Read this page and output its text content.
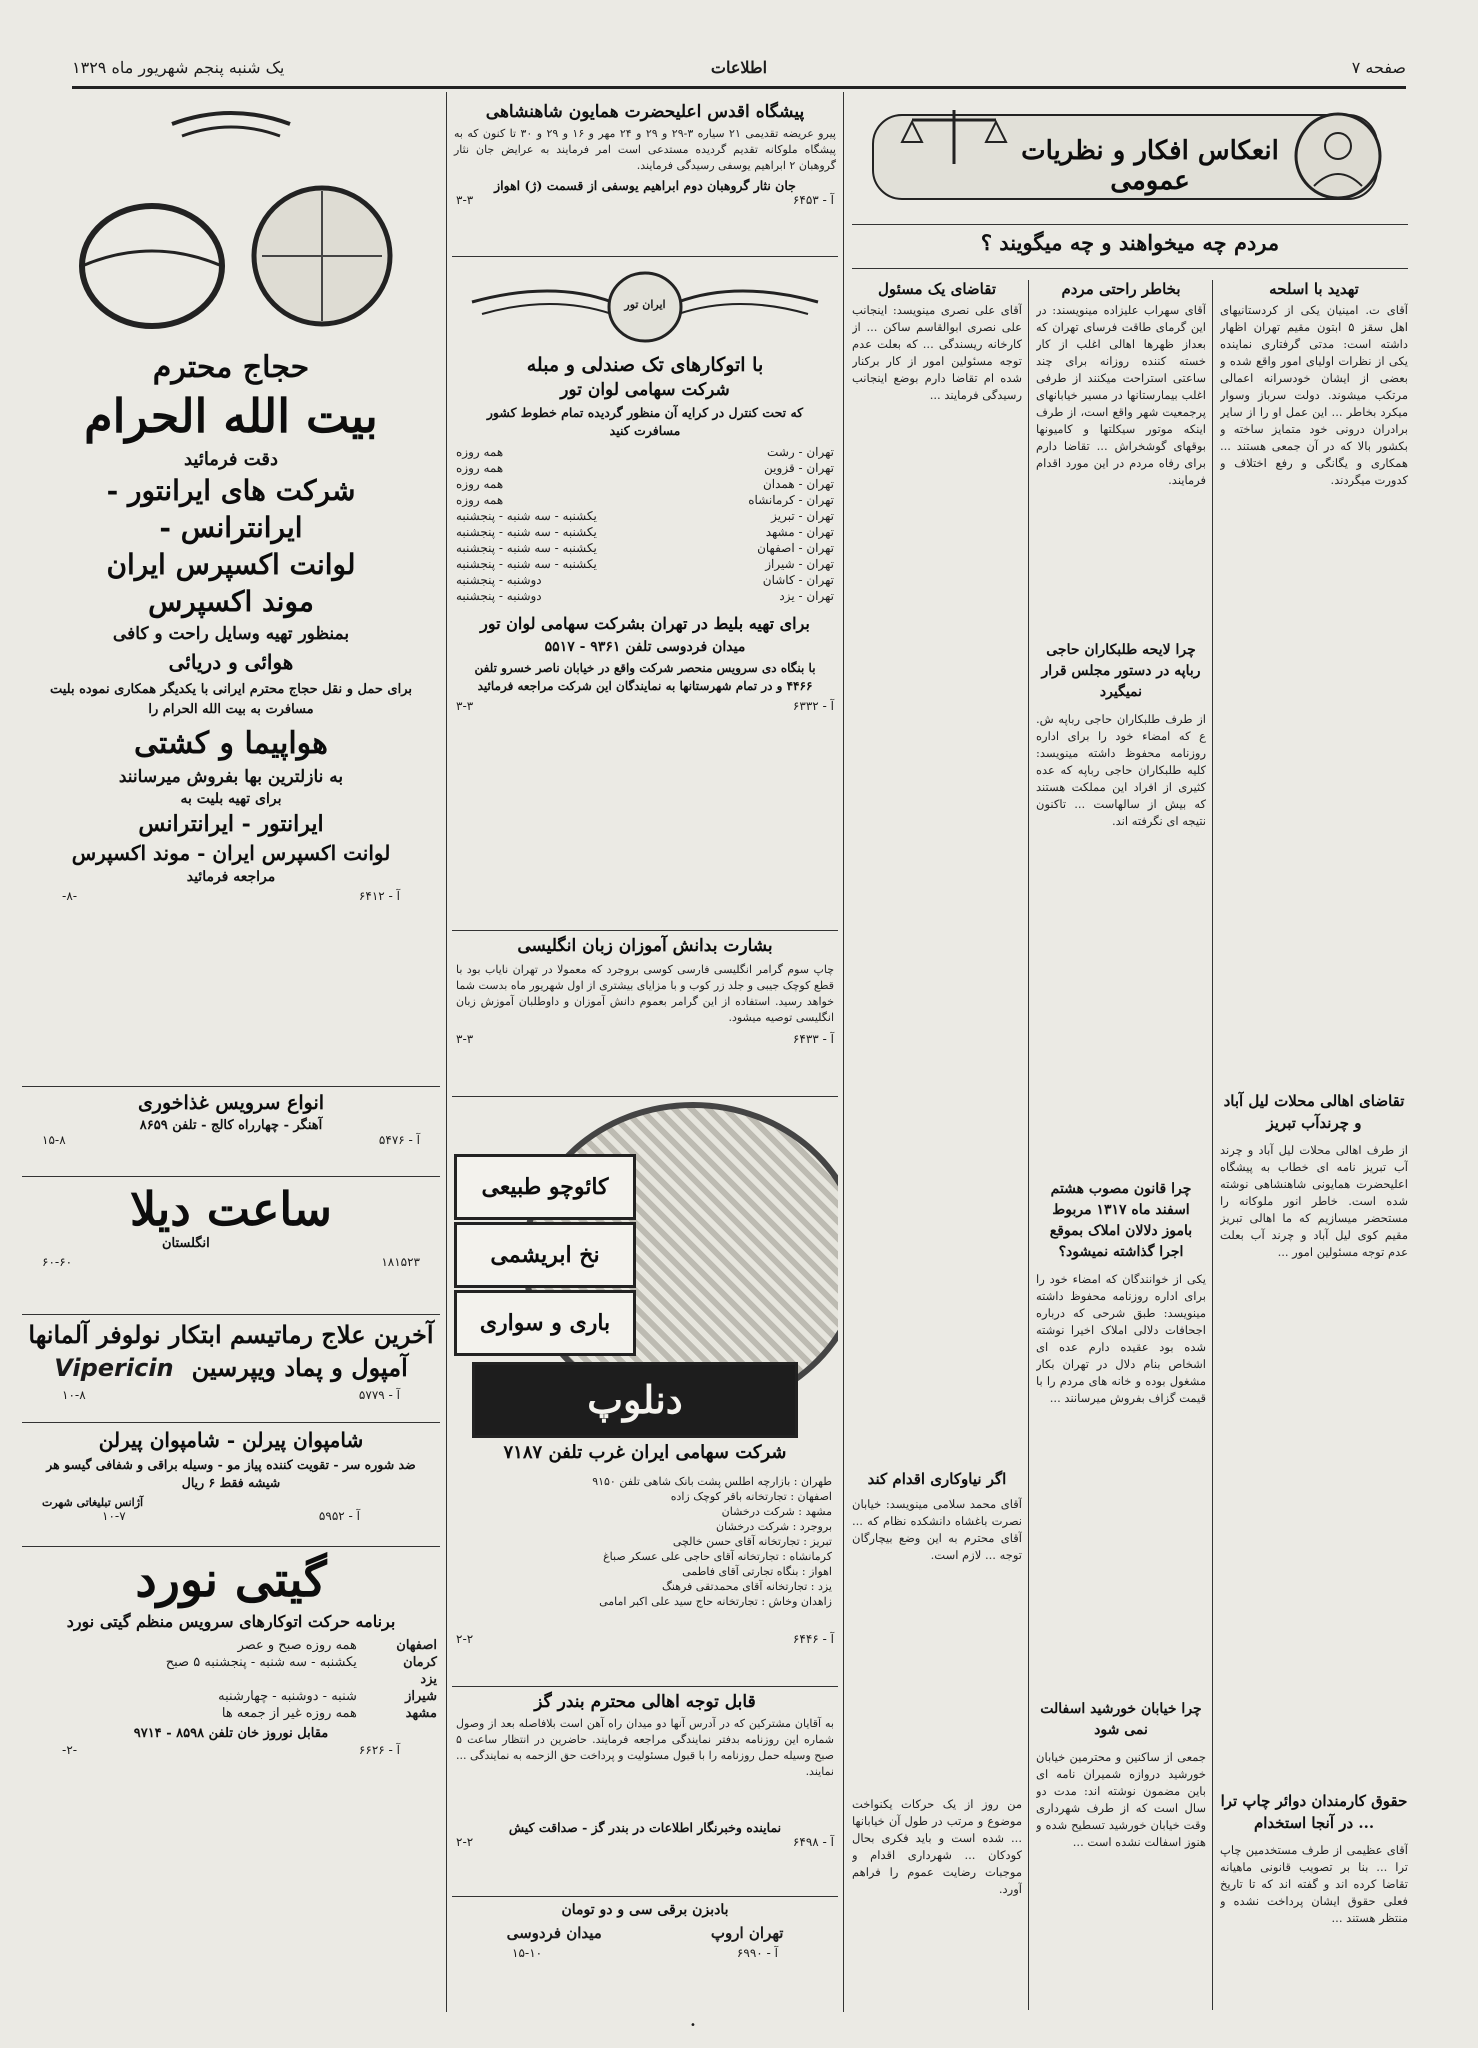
صفحه ۷
اطلاعات
یک شنبه پنجم شهریور ماه ۱۳۲۹
انعکاس افکار و نظریات عمومی
مردم چه میخواهند و چه میگویند ؟
تهدید با اسلحه
آقای ت. امینیان یکی از کردستانیهای اهل سقز ۵ ابتون مقیم تهران اظهار داشته است: مدتی گرفتاری نماینده یکی از نظرات اولیای امور واقع شده و بعضی از ایشان خودسرانه اعمالی مرتکب میشوند. دولت سرباز وسوار میکرد بخاطر ... این عمل او را از سایر برادران درونی خود متمایز ساخته و بکشور بالا که در آن جمعی هستند ... همکاری و یگانگی و رفع اختلاف و کدورت میگردند.
تقاضای اهالی محلات لیل آباد و چرندآب تبریز
از طرف اهالی محلات لیل آباد و چرند آب تبریز نامه ای خطاب به پیشگاه اعلیحضرت همایونی شاهنشاهی نوشته شده است. خاطر انور ملوکانه را مستحضر میسازیم که ما اهالی تبریز مقیم کوی لیل آباد و چرند آب بعلت عدم توجه مسئولین امور ...
حقوق کارمندان دوائر چاپ ترا ... در آنجا استخدام
آقای عظیمی از طرف مستخدمین چاپ ترا ... بنا بر تصویب قانونی ماهیانه تقاضا کرده اند و گفته اند که تا تاریخ فعلی حقوق ایشان پرداخت نشده و منتظر هستند ...
بخاطر راحتی مردم
آقای سهراب علیزاده مینویسند: در این گرمای طاقت فرسای تهران که بعداز ظهرها اهالی اغلب از کار خسته کننده روزانه برای چند ساعتی استراحت میکنند از طرفی اغلب بیمارستانها در مسیر خیابانهای پرجمعیت شهر واقع است، از طرف اینکه موتور سیکلتها و کامیونها بوقهای گوشخراش ... تقاضا دارم برای رفاه مردم در این مورد اقدام فرمایند.
چرا لایحه طلبکاران حاجی رباپه در دستور مجلس قرار نمیگیرد
از طرف طلبکاران حاجی رباپه ش. ع که امضاء خود را برای اداره روزنامه محفوظ داشته مینویسد: کلیه طلبکاران حاجی رباپه که عده کثیری از افراد این مملکت هستند که بیش از سالهاست ... تاکنون نتیجه ای نگرفته اند.
چرا قانون مصوب هشتم اسفند ماه ۱۳۱۷ مربوط باموز دلالان املاک بموقع اجرا گذاشته نمیشود؟
یکی از خوانندگان که امضاء خود را برای اداره روزنامه محفوظ داشته مینویسد: طبق شرحی که درباره اجحافات دلالی املاک اخیرا نوشته شده بود عقیده دارم عده ای اشخاص بنام دلال در تهران بکار مشغول بوده و خانه های مردم را با قیمت گزاف بفروش میرسانند ...
چرا خیابان خورشید اسفالت نمی شود
جمعی از ساکنین و محترمین خیابان خورشید دروازه شمیران نامه ای باین مضمون نوشته اند: مدت دو سال است که از طرف شهرداری وقت خیابان خورشید تسطیح شده و هنوز اسفالت نشده است ...
تقاضای یک مسئول
آقای علی نصری مینویسد: اینجانب علی نصری ابوالقاسم ساکن ... از کارخانه ریسندگی ... که بعلت عدم توجه مسئولین امور از کار برکنار شده ام تقاضا دارم بوضع اینجانب رسیدگی فرمایند ...
اگر نیاوکاری اقدام کند
آقای محمد سلامی مینویسد: خیابان نصرت باغشاه دانشکده نظام که ... آقای محترم به این وضع بیچارگان توجه ... لازم است.
من روز از یک حرکات یکنواخت موضوع و مرتب در طول آن خیابانها ... شده است و باید فکری بحال کودکان ... شهرداری اقدام و موجبات رضایت عموم را فراهم آورد.
پیشگاه اقدس اعلیحضرت همایون شاهنشاهی
پیرو عریضه تقدیمی ۲۱ سیاره ۳-۲۹ و ۲۹ و ۲۴ مهر و ۱۶ و ۲۹ و ۳۰ تا کنون که به پیشگاه ملوکانه تقدیم گردیده مستدعی است امر فرمایند به عرایض جان نثار گروهبان ۲ ابراهیم یوسفی رسیدگی فرمایند.
جان نثار گروهبان دوم ابراهیم یوسفی از قسمت (ژ) اهواز
آ - ۶۴۵۳
۳-۳
ایران تور
با اتوکارهای تک صندلی و مبله
شرکت سهامی لوان تور
که تحت کنترل در کرایه آن منظور گردیده تمام خطوط کشور مسافرت کنید
تهران - رشت	همه روزه
تهران - قزوین	همه روزه
تهران - همدان	همه روزه
تهران - کرمانشاه	همه روزه
تهران - تبریز	یکشنبه - سه شنبه - پنجشنبه
تهران - مشهد	یکشنبه - سه شنبه - پنجشنبه
تهران - اصفهان	یکشنبه - سه شنبه - پنجشنبه
تهران - شیراز	یکشنبه - سه شنبه - پنجشنبه
تهران - کاشان	دوشنبه - پنجشنبه
تهران - یزد	دوشنبه - پنجشنبه
برای تهیه بلیط در تهران بشرکت سهامی لوان تور
میدان فردوسی تلفن ۹۳۶۱ - ۵۵۱۷
با بنگاه دی سرویس منحصر شرکت واقع در خیابان ناصر خسرو تلفن ۴۴۶۶ و در تمام شهرستانها به نمایندگان این شرکت مراجعه فرمائید
آ - ۶۳۳۲
۳-۳
بشارت بدانش آموزان زبان انگلیسی
چاپ سوم گرامر انگلیسی فارسی کوسی بروجرد که معمولا در تهران نایاب بود با قطع کوچک جیبی و جلد زر کوب و با مزایای بیشتری از اول شهریور ماه بدست شما خواهد رسید. استفاده از این گرامر بعموم دانش آموزان و داوطلبان آموزش زبان انگلیسی توصیه میشود.
آ - ۶۴۳۳
۳-۳
کائوچو طبیعی
نخ ابریشمی
باری و سواری
دنلوپ
شرکت سهامی ایران غرب تلفن ۷۱۸۷
طهران : بازارچه اطلس پشت بانک شاهی تلفن ۹۱۵۰
اصفهان : تجارتخانه باقر کوچک زاده
مشهد : شرکت درخشان
بروجرد : شرکت درخشان
تبریز : تجارتخانه آقای حسن خالچی
کرمانشاه : تجارتخانه آقای حاجی علی عسکر صباغ
اهواز : بنگاه تجارتی آقای فاطمی
یزد : تجارتخانه آقای محمدتقی فرهنگ
زاهدان وخاش : تجارتخانه حاج سید علی اکبر امامی
آ - ۶۴۴۶
۲-۲
قابل توجه اهالی محترم بندر گز
به آقایان مشترکین که در آدرس آنها دو میدان راه آهن است بلافاصله بعد از وصول شماره این روزنامه بدفتر نمایندگی مراجعه فرمایند. حاضرین در انتظار ساعت ۵ صبح وسیله حمل روزنامه را با قبول مسئولیت و پرداخت حق الزحمه به نمایندگی ... نمایند.
نماینده وخبرنگار اطلاعات در بندر گز - صداقت کیش
آ - ۶۴۹۸
۲-۲
بادبزن برقی سی و دو تومان
تهران اروپ
میدان فردوسی
آ - ۶۹۹۰
۱۵-۱۰
حجاج محترم
بیت الله الحرام
دقت فرمائید
شرکت های ایرانتور -
ایرانترانس -
لوانت اکسپرس ایران
موند اکسپرس
بمنظور تهیه وسایل راحت و کافی
هوائی و دریائی
برای حمل و نقل حجاج محترم ایرانی با یکدیگر همکاری نموده بلیت مسافرت به بیت الله الحرام را
هواپیما و کشتی
به نازلترین بها بفروش میرسانند
برای تهیه بلیت به
ایرانتور - ایرانترانس
لوانت اکسپرس ایران - موند اکسپرس
مراجعه فرمائید
آ - ۶۴۱۲
-۸-
انواع سرویس غذاخوری
آهنگر - چهارراه کالج - تلفن ۸۶۵۹
آ - ۵۴۷۶
۱۵-۸
ساعت دیلا
انگلستان
۱۸۱۵۲۳
۶۰-۶۰
آخرین علاج رماتیسم ابتکار نولوفر آلمانها
آمپول و پماد ویپرسین
Vipericin
آ - ۵۷۷۹
۱۰-۸
شامپوان پیرلن - شامپوان پیرلن
ضد شوره سر - تقویت کننده پیاز مو - وسیله براقی و شفافی گیسو هر شیشه فقط ۶ ریال
آژانس تبلیغاتی شهرت
آ - ۵۹۵۲
۱۰-۷
گیتی نورد
برنامه حرکت اتوکارهای سرویس منظم گیتی نورد
اصفهان	همه روزه صبح و عصر
کرمان	یکشنبه - سه شنبه - پنجشنبه ۵ صبح
یزد	
شیراز	شنبه - دوشنبه - چهارشنبه
مشهد	همه روزه غیر از جمعه ها
مقابل نوروز خان تلفن ۸۵۹۸ - ۹۷۱۴
آ - ۶۶۲۶
-۲-
•
